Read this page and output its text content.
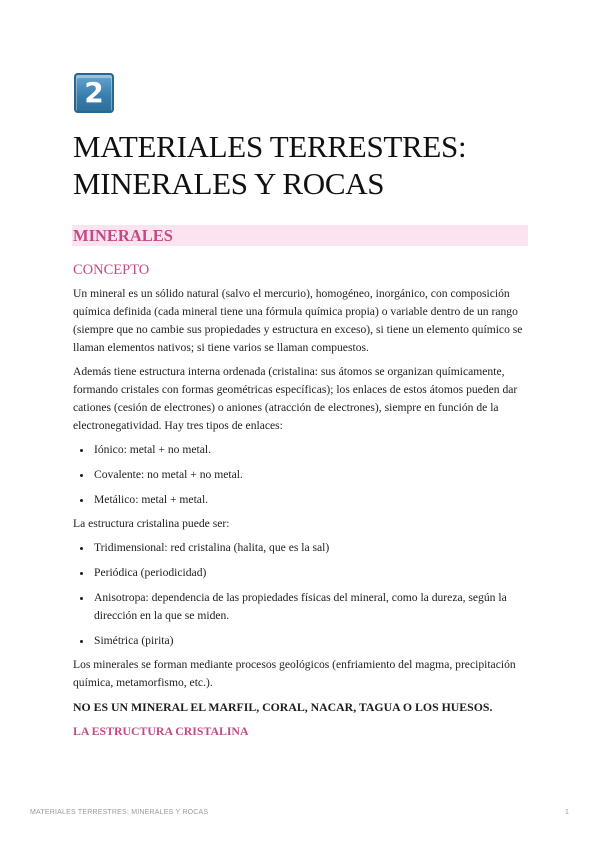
2
MATERIALES TERRESTRES:
MINERALES Y ROCAS
MINERALES
CONCEPTO

Un mineral es un sólido natural (salvo el mercurio), homogéneo, inorgánico, con composición química definida (cada mineral tiene una fórmula química propia) o variable dentro de un rango (siempre que no cambie sus propiedades y estructura en exceso), si tiene un elemento químico se llaman elementos nativos; si tiene varios se llaman compuestos.

Además tiene estructura interna ordenada (cristalina: sus átomos se organizan químicamente, formando cristales con formas geométricas específicas); los enlaces de estos átomos pueden dar cationes (cesión de electrones) o aniones (atracción de electrones), siempre en función de la electronegatividad. Hay tres tipos de enlaces:

• Iónico: metal + no metal.
• Covalente: no metal + no metal.
• Metálico: metal + metal.

La estructura cristalina puede ser:

• Tridimensional: red cristalina (halita, que es la sal)
• Periódica (periodicidad)
• Anisotropa: dependencia de las propiedades físicas del mineral, como la dureza, según la dirección en la que se miden.
• Simétrica (pirita)

Los minerales se forman mediante procesos geológicos (enfriamiento del magma, precipitación química, metamorfismo, etc.).

NO ES UN MINERAL EL MARFIL, CORAL, NACAR, TAGUA O LOS HUESOS.

LA ESTRUCTURA CRISTALINA

MATERIALES TERRESTRES: MINERALES Y ROCAS	1
